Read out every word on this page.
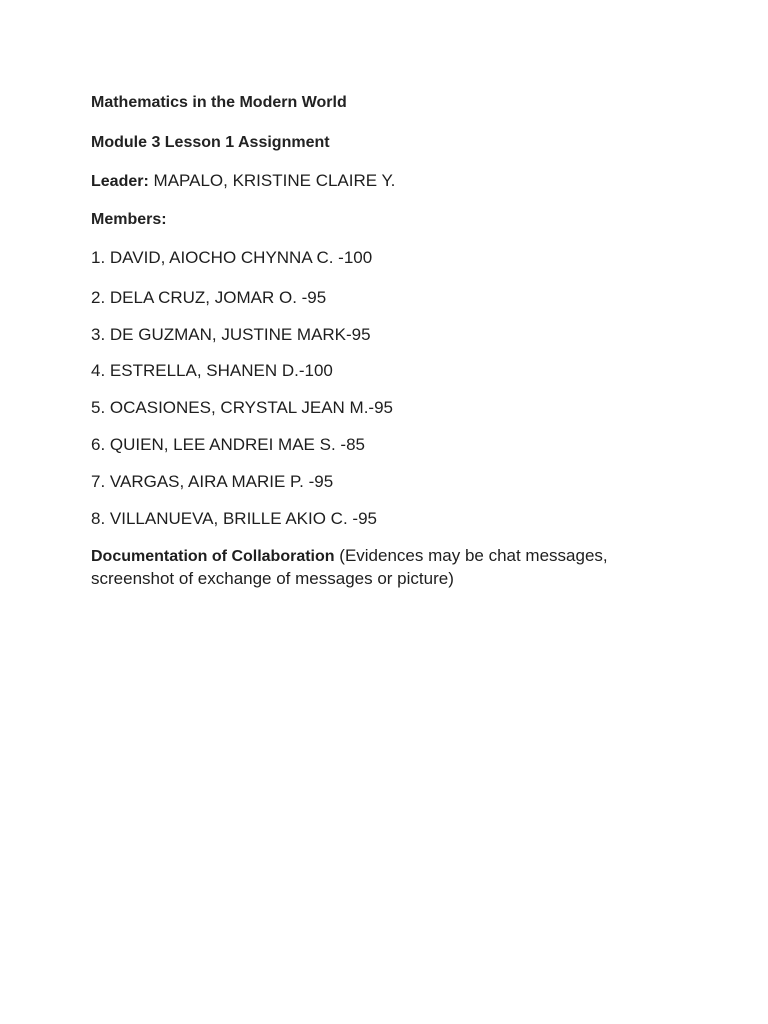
Mathematics in the Modern World
Module 3 Lesson 1 Assignment
Leader: MAPALO, KRISTINE CLAIRE Y.
Members:
1. DAVID, AIOCHO CHYNNA C. -100
2. DELA CRUZ, JOMAR O. -95
3. DE GUZMAN, JUSTINE MARK-95
4. ESTRELLA, SHANEN D.-100
5. OCASIONES, CRYSTAL JEAN M.-95
6. QUIEN, LEE ANDREI MAE S. -85
7. VARGAS, AIRA MARIE P. -95
8. VILLANUEVA, BRILLE AKIO C. -95
Documentation of Collaboration (Evidences may be chat messages, screenshot of exchange of messages or picture)
